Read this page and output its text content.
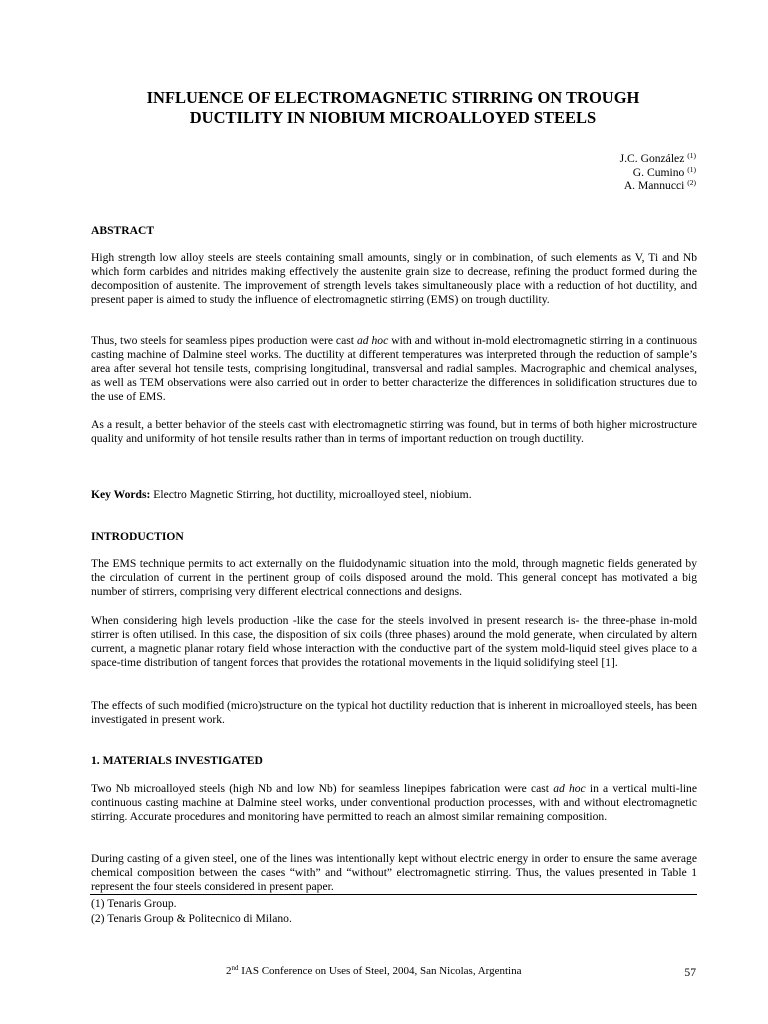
INFLUENCE OF ELECTROMAGNETIC STIRRING ON TROUGH
DUCTILITY IN NIOBIUM MICROALLOYED STEELS
J.C. González $^{(1)}$
G. Cumino $^{(1)}$
A. Mannucci $^{(2)}$
ABSTRACT

High strength low alloy steels are steels containing small amounts, singly or in combination, of such elements as V, Ti and Nb which form carbides and nitrides making effectively the austenite grain size to decrease, refining the product formed during the decomposition of austenite. The improvement of strength levels takes simultaneously place with a reduction of hot ductility, and present paper is aimed to study the influence of electromagnetic stirring (EMS) on trough ductility.

Thus, two steels for seamless pipes production were cast ad hoc with and without in-mold electromagnetic stirring in a continuous casting machine of Dalmine steel works. The ductility at different temperatures was interpreted through the reduction of sample’s area after several hot tensile tests, comprising longitudinal, transversal and radial samples. Macrographic and chemical analyses, as well as TEM observations were also carried out in order to better characterize the differences in solidification structures due to the use of EMS.

As a result, a better behavior of the steels cast with electromagnetic stirring was found, but in terms of both higher microstructure quality and uniformity of hot tensile results rather than in terms of important reduction on trough ductility.

Key Words: Electro Magnetic Stirring, hot ductility, microalloyed steel, niobium.

INTRODUCTION

The EMS technique permits to act externally on the fluidodynamic situation into the mold, through magnetic fields generated by the circulation of current in the pertinent group of coils disposed around the mold. This general concept has motivated a big number of stirrers, comprising very different electrical connections and designs.

When considering high levels production -like the case for the steels involved in present research is- the three-phase in-mold stirrer is often utilised. In this case, the disposition of six coils (three phases) around the mold generate, when circulated by altern current, a magnetic planar rotary field whose interaction with the conductive part of the system mold-liquid steel gives place to a space-time distribution of tangent forces that provides the rotational movements in the liquid solidifying steel [1].

The effects of such modified (micro)structure on the typical hot ductility reduction that is inherent in microalloyed steels, has been investigated in present work.

1. MATERIALS INVESTIGATED

Two Nb microalloyed steels (high Nb and low Nb) for seamless linepipes fabrication were cast ad hoc in a vertical multi-line continuous casting machine at Dalmine steel works, under conventional production processes, with and without electromagnetic stirring. Accurate procedures and monitoring have permitted to reach an almost similar remaining composition.

During casting of a given steel, one of the lines was intentionally kept without electric energy in order to ensure the same average chemical composition between the cases “with” and “without” electromagnetic stirring. Thus, the values presented in Table 1 represent the four steels considered in present paper.

(1) Tenaris Group.
(2) Tenaris Group & Politecnico di Milano.
2nd IAS Conference on Uses of Steel, 2004, San Nicolas, Argentina	57
